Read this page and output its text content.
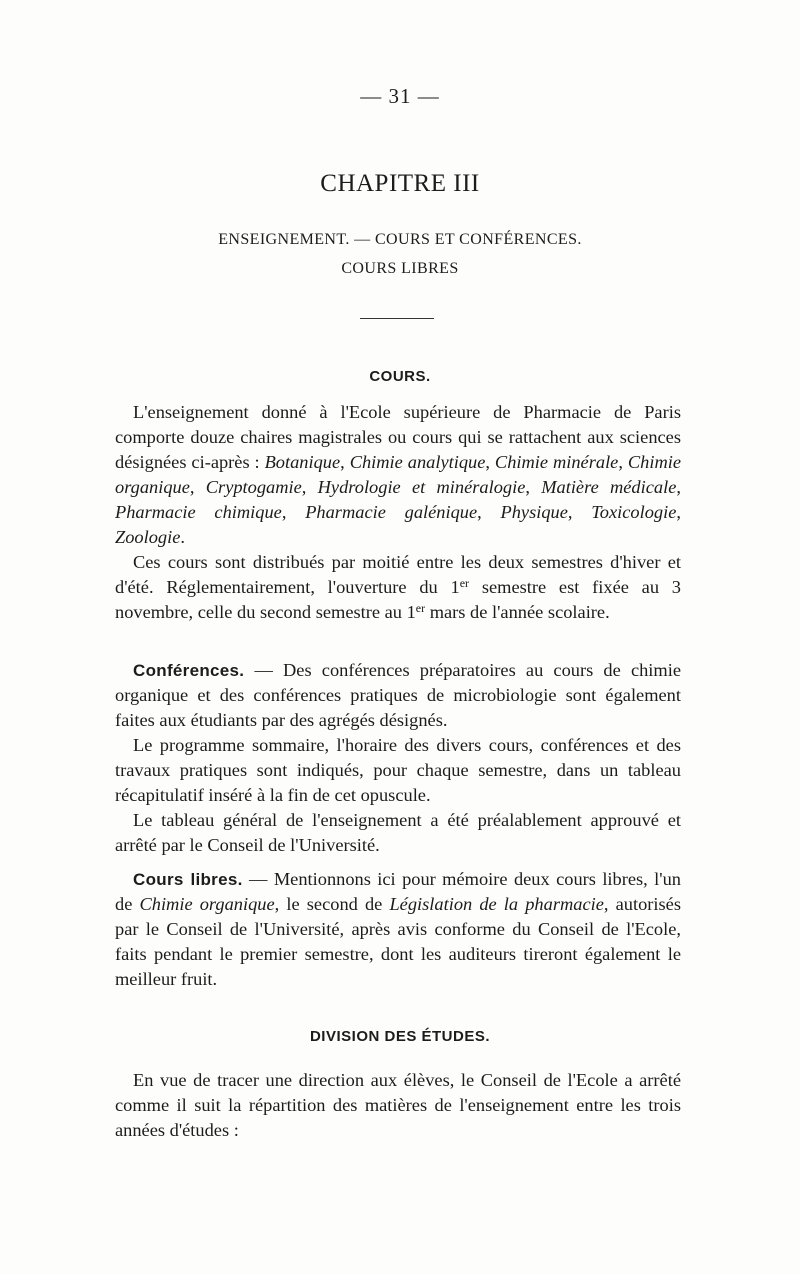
— 31 —
CHAPITRE III
ENSEIGNEMENT. — COURS ET CONFÉRENCES.
COURS LIBRES
COURS.

L'enseignement donné à l'Ecole supérieure de Pharmacie de Paris comporte douze chaires magistrales ou cours qui se rattachent aux sciences désignées ci-après : Botanique, Chimie analytique, Chimie minérale, Chimie organique, Cryptogamie, Hydrologie et minéralogie, Matière médicale, Pharmacie chimique, Pharmacie galénique, Physique, Toxicologie, Zoologie.

Ces cours sont distribués par moitié entre les deux semestres d'hiver et d'été. Réglementairement, l'ouverture du 1er semestre est fixée au 3 novembre, celle du second semestre au 1er mars de l'année scolaire.

Conférences. — Des conférences préparatoires au cours de chimie organique et des conférences pratiques de microbiologie sont également faites aux étudiants par des agrégés désignés.

Le programme sommaire, l'horaire des divers cours, conférences et des travaux pratiques sont indiqués, pour chaque semestre, dans un tableau récapitulatif inséré à la fin de cet opuscule.

Le tableau général de l'enseignement a été préalablement approuvé et arrêté par le Conseil de l'Université.

Cours libres. — Mentionnons ici pour mémoire deux cours libres, l'un de Chimie organique, le second de Législation de la pharmacie, autorisés par le Conseil de l'Université, après avis conforme du Conseil de l'Ecole, faits pendant le premier semestre, dont les auditeurs tireront également le meilleur fruit.

DIVISION DES ÉTUDES.

En vue de tracer une direction aux élèves, le Conseil de l'Ecole a arrêté comme il suit la répartition des matières de l'enseignement entre les trois années d'études :
